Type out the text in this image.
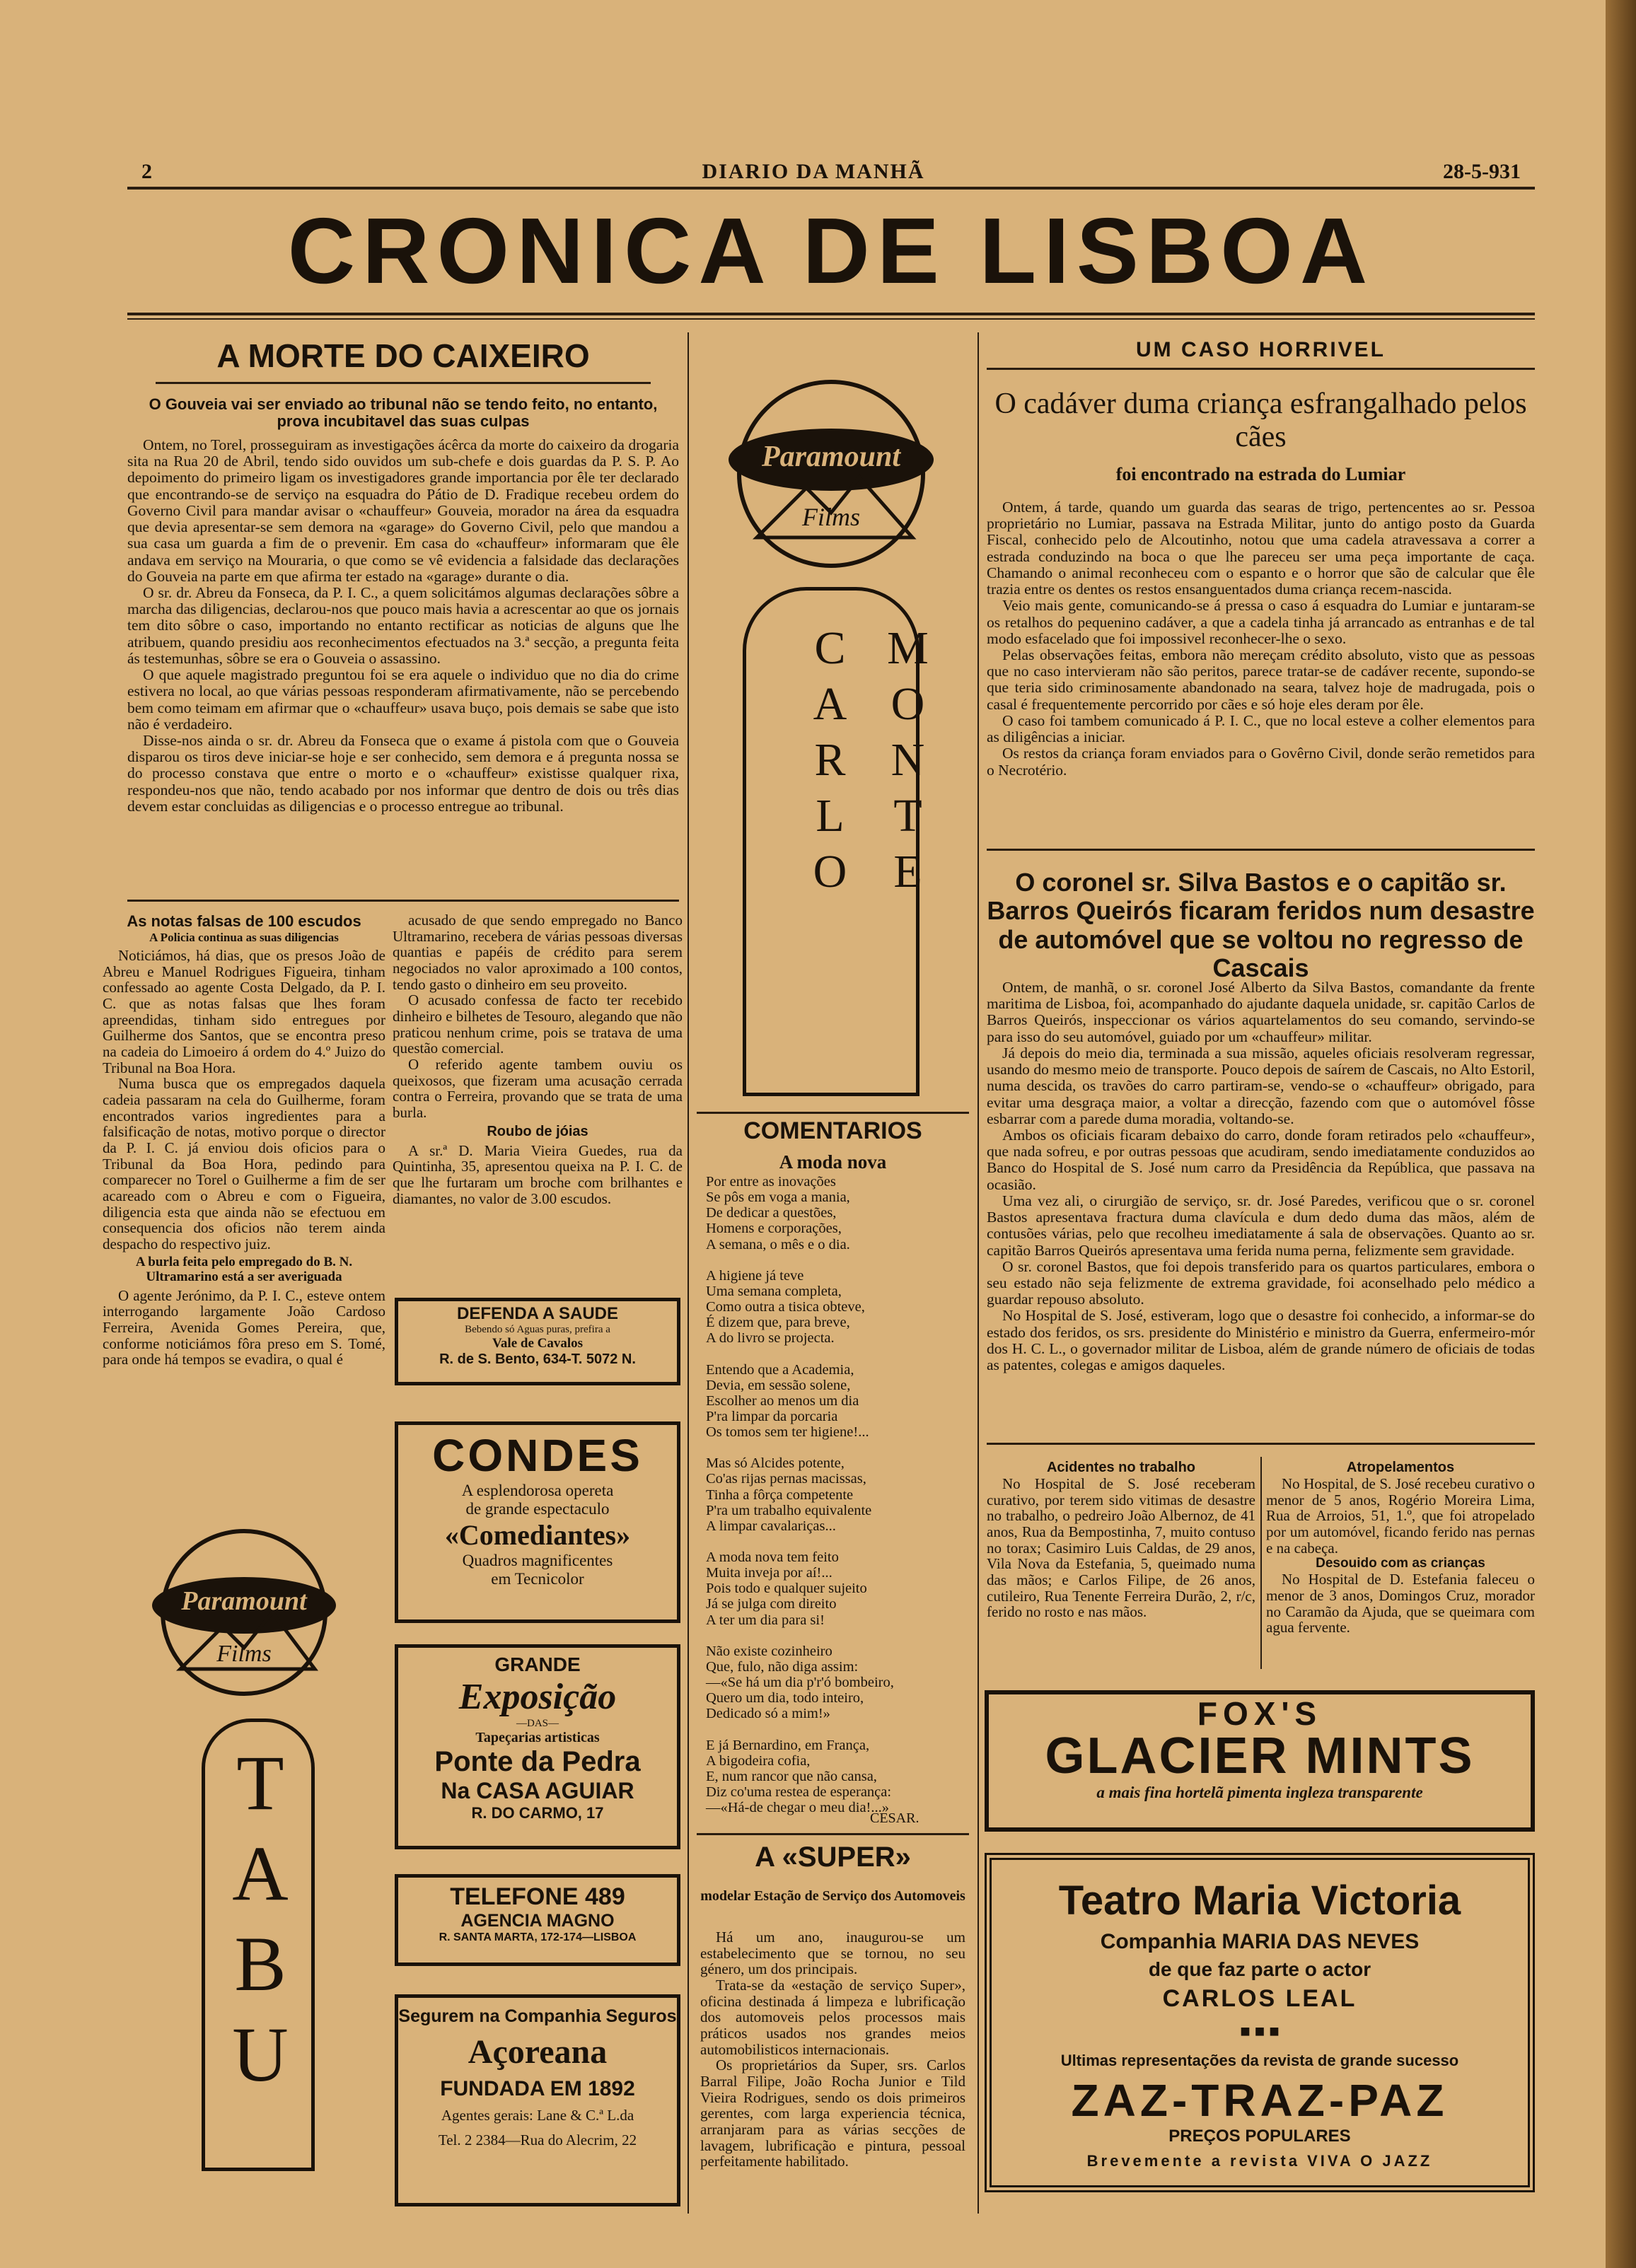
2	DIARIO DA MANHÃ	28-5-931
CRONICA DE LISBOA
A MORTE DO CAIXEIRO
O Gouveia vai ser enviado ao tribunal não se tendo feito, no entanto, prova incubitavel das suas culpas

Ontem, no Torel, prosseguiram as investigações ácêrca da morte do caixeiro da drogaria sita na Rua 20 de Abril, tendo sido ouvidos um sub-chefe e dois guardas da P. S. P. Ao depoimento do primeiro ligam os investigadores grande importancia por êle ter declarado que encontrando-se de serviço na esquadra do Pátio de D. Fradique recebeu ordem do Governo Civil para mandar avisar o «chauffeur» Gouveia, morador na área da esquadra que devia apresentar-se sem demora na «garage» do Governo Civil, pelo que mandou a sua casa um guarda a fim de o prevenir. Em casa do «chauffeur» informaram que êle andava em serviço na Mouraria, o que como se vê evidencia a falsidade das declarações do Gouveia na parte em que afirma ter estado na «garage» durante o dia.

O sr. dr. Abreu da Fonseca, da P. I. C., a quem solicitámos algumas declarações sôbre a marcha das diligencias, declarou-nos que pouco mais havia a acrescentar ao que os jornais tem dito sôbre o caso, importando no entanto rectificar as noticias de alguns que lhe atribuem, quando presidiu aos reconhecimentos efectuados na 3.ª secção, a pregunta feita ás testemunhas, sôbre se era o Gouveia o assassino.

O que aquele magistrado preguntou foi se era aquele o individuo que no dia do crime estivera no local, ao que várias pessoas responderam afirmativamente, não se percebendo bem como teimam em afirmar que o «chauffeur» usava buço, pois demais se sabe que isto não é verdadeiro.

Disse-nos ainda o sr. dr. Abreu da Fonseca que o exame á pistola com que o Gouveia disparou os tiros deve iniciar-se hoje e ser conhecido, sem demora e á pregunta nossa se do processo constava que entre o morto e o «chauffeur» existisse qualquer rixa, respondeu-nos que não, tendo acabado por nos informar que dentro de dois ou três dias devem estar concluidas as diligencias e o processo entregue ao tribunal.

As notas falsas de 100 escudos
A Policia continua as suas diligencias

Noticiámos, há dias, que os presos João de Abreu e Manuel Rodrigues Figueira, tinham confessado ao agente Costa Delgado, da P. I. C. que as notas falsas que lhes foram apreendidas, tinham sido entregues por Guilherme dos Santos, que se encontra preso na cadeia do Limoeiro á ordem do 4.º Juizo do Tribunal na Boa Hora.

Numa busca que os empregados daquela cadeia passaram na cela do Guilherme, foram encontrados varios ingredientes para a falsificação de notas, motivo porque o director da P. I. C. já enviou dois oficios para o Tribunal da Boa Hora, pedindo para comparecer no Torel o Guilherme a fim de ser acareado com o Abreu e com o Figueira, diligencia esta que ainda não se efectuou em consequencia dos oficios não terem ainda despacho do respectivo juiz.

A burla feita pelo empregado do B. N. Ultramarino está a ser averiguada

O agente Jerónimo, da P. I. C., esteve ontem interrogando largamente João Cardoso Ferreira, Avenida Gomes Pereira, que, conforme noticiámos fôra preso em S. Tomé, para onde há tempos se evadira, o qual é

Paramount
Films
TABU

acusado de que sendo empregado no Banco Ultramarino, recebera de várias pessoas diversas quantias e papéis de crédito para serem negociados no valor aproximado a 100 contos, tendo gasto o dinheiro em seu proveito.

O acusado confessa de facto ter recebido dinheiro e bilhetes de Tesouro, alegando que não praticou nenhum crime, pois se tratava de uma questão comercial.

O referido agente tambem ouviu os queixosos, que fizeram uma acusação cerrada contra o Ferreira, provando que se trata de uma burla.

Roubo de jóias

A sr.ª D. Maria Vieira Guedes, rua da Quintinha, 35, apresentou queixa na P. I. C. de que lhe furtaram um broche com brilhantes e diamantes, no valor de 3.00 escudos.

DEFENDA A SAUDE
Bebendo só Aguas puras, prefira a
Vale de Cavalos
R. de S. Bento, 634-T. 5072 N.
CONDES
A esplendorosa opereta
de grande espectaculo
«Comediantes»
Quadros magnificentes
em Tecnicolor
GRANDE
Exposição
—DAS—
Tapeçarias artisticas
Ponte da Pedra
Na CASA AGUIAR
R. DO CARMO, 17
TELEFONE 489
AGENCIA MAGNO
R. SANTA MARTA, 172-174—LISBOA
Segurem na Companhia Seguros
Açoreana
FUNDADA EM 1892
Agentes gerais: Lane & C.ª L.da
Tel. 2 2384—Rua do Alecrim, 22
Paramount
Films
MONTE CARLO
COMENTARIOS
A moda nova
Por entre as inovações
Se pôs em voga a mania,
De dedicar a questões,
Homens e corporações,
A semana, o mês e o dia.

A higiene já teve
Uma semana completa,
Como outra a tisica obteve,
É dizem que, para breve,
A do livro se projecta.

Entendo que a Academia,
Devia, em sessão solene,
Escolher ao menos um dia
P'ra limpar da porcaria
Os tomos sem ter higiene!...

Mas só Alcides potente,
Co'as rijas pernas macissas,
Tinha a fôrça competente
P'ra um trabalho equivalente
A limpar cavalariças...

A moda nova tem feito
Muita inveja por aí!...
Pois todo e qualquer sujeito
Já se julga com direito
A ter um dia para si!

Não existe cozinheiro
Que, fulo, não diga assim:
—«Se há um dia p'r'ó bombeiro,
Quero um dia, todo inteiro,
Dedicado só a mim!»

E já Bernardino, em França,
A bigodeira cofia,
E, num rancor que não cansa,
Diz co'uma restea de esperança:
—«Há-de chegar o meu dia!...»
CESAR.
A «SUPER»
modelar Estação de Serviço dos Automoveis

Há um ano, inaugurou-se um estabelecimento que se tornou, no seu género, um dos principais.

Trata-se da «estação de serviço Super», oficina destinada á limpeza e lubrificação dos automoveis pelos processos mais práticos usados nos grandes meios automobilisticos internacionais.

Os proprietários da Super, srs. Carlos Barral Filipe, João Rocha Junior e Tild Vieira Rodrigues, sendo os dois primeiros gerentes, com larga experiencia técnica, arranjaram para as várias secções de lavagem, lubrificação e pintura, pessoal perfeitamente habilitado.

UM CASO HORRIVEL
O cadáver duma criança esfrangalhado pelos cães
foi encontrado na estrada do Lumiar

Ontem, á tarde, quando um guarda das searas de trigo, pertencentes ao sr. Pessoa proprietário no Lumiar, passava na Estrada Militar, junto do antigo posto da Guarda Fiscal, conhecido pelo de Alcoutinho, notou que uma cadela atravessava a correr a estrada conduzindo na boca o que lhe pareceu ser uma peça importante de caça. Chamando o animal reconheceu com o espanto e o horror que são de calcular que êle trazia entre os dentes os restos ensanguentados duma criança recem-nascida.

Veio mais gente, comunicando-se á pressa o caso á esquadra do Lumiar e juntaram-se os retalhos do pequenino cadáver, a que a cadela tinha já arrancado as entranhas e de tal modo esfacelado que foi impossivel reconhecer-lhe o sexo.

Pelas observações feitas, embora não mereçam crédito absoluto, visto que as pessoas que no caso intervieram não são peritos, parece tratar-se de cadáver recente, supondo-se que teria sido criminosamente abandonado na seara, talvez hoje de madrugada, pois o casal é frequentemente percorrido por cães e só hoje eles deram por êle.

O caso foi tambem comunicado á P. I. C., que no local esteve a colher elementos para as diligências a iniciar.

Os restos da criança foram enviados para o Govêrno Civil, donde serão remetidos para o Necrotério.

O coronel sr. Silva Bastos e o capitão sr. Barros Queirós ficaram feridos num desastre de automóvel que se voltou no regresso de Cascais

Ontem, de manhã, o sr. coronel José Alberto da Silva Bastos, comandante da frente maritima de Lisboa, foi, acompanhado do ajudante daquela unidade, sr. capitão Carlos de Barros Queirós, inspeccionar os vários aquartelamentos do seu comando, servindo-se para isso do seu automóvel, guiado por um «chauffeur» militar.

Já depois do meio dia, terminada a sua missão, aqueles oficiais resolveram regressar, usando do mesmo meio de transporte. Pouco depois de saírem de Cascais, no Alto Estoril, numa descida, os travões do carro partiram-se, vendo-se o «chauffeur» obrigado, para evitar uma desgraça maior, a voltar a direcção, fazendo com que o automóvel fôsse esbarrar com a parede duma moradia, voltando-se.

Ambos os oficiais ficaram debaixo do carro, donde foram retirados pelo «chauffeur», que nada sofreu, e por outras pessoas que acudiram, sendo imediatamente conduzidos ao Banco do Hospital de S. José num carro da Presidência da República, que passava na ocasião.

Uma vez ali, o cirurgião de serviço, sr. dr. José Paredes, verificou que o sr. coronel Bastos apresentava fractura duma clavícula e dum dedo duma das mãos, além de contusões várias, pelo que recolheu imediatamente á sala de observações. Quanto ao sr. capitão Barros Queirós apresentava uma ferida numa perna, felizmente sem gravidade.

O sr. coronel Bastos, que foi depois transferido para os quartos particulares, embora o seu estado não seja felizmente de extrema gravidade, foi aconselhado pelo médico a guardar repouso absoluto.

No Hospital de S. José, estiveram, logo que o desastre foi conhecido, a informar-se do estado dos feridos, os srs. presidente do Ministério e ministro da Guerra, enfermeiro-mór dos H. C. L., o governador militar de Lisboa, além de grande número de oficiais de todas as patentes, colegas e amigos daqueles.

Acidentes no trabalho

No Hospital de S. José receberam curativo, por terem sido vitimas de desastre no trabalho, o pedreiro João Albernoz, de 41 anos, Rua da Bempostinha, 7, muito contuso no torax; Casimiro Luis Caldas, de 29 anos, Vila Nova da Estefania, 5, queimado numa das mãos; e Carlos Filipe, de 26 anos, cutileiro, Rua Tenente Ferreira Durão, 2, r/c, ferido no rosto e nas mãos.

Atropelamentos

No Hospital, de S. José recebeu curativo o menor de 5 anos, Rogério Moreira Lima, Rua de Arroios, 51, 1.º, que foi atropelado por um automóvel, ficando ferido nas pernas e na cabeça.

Desouido com as crianças

No Hospital de D. Estefania faleceu o menor de 3 anos, Domingos Cruz, morador no Caramão da Ajuda, que se queimara com agua fervente.

FOX'S
GLACIER MINTS
a mais fina hortelã pimenta ingleza transparente
Teatro Maria Victoria
Companhia MARIA DAS NEVES
de que faz parte o actor
CARLOS LEAL
■ ■ ■
Ultimas representações da revista de grande sucesso
ZAZ-TRAZ-PAZ
PREÇOS POPULARES
Brevemente a revista VIVA O JAZZ
